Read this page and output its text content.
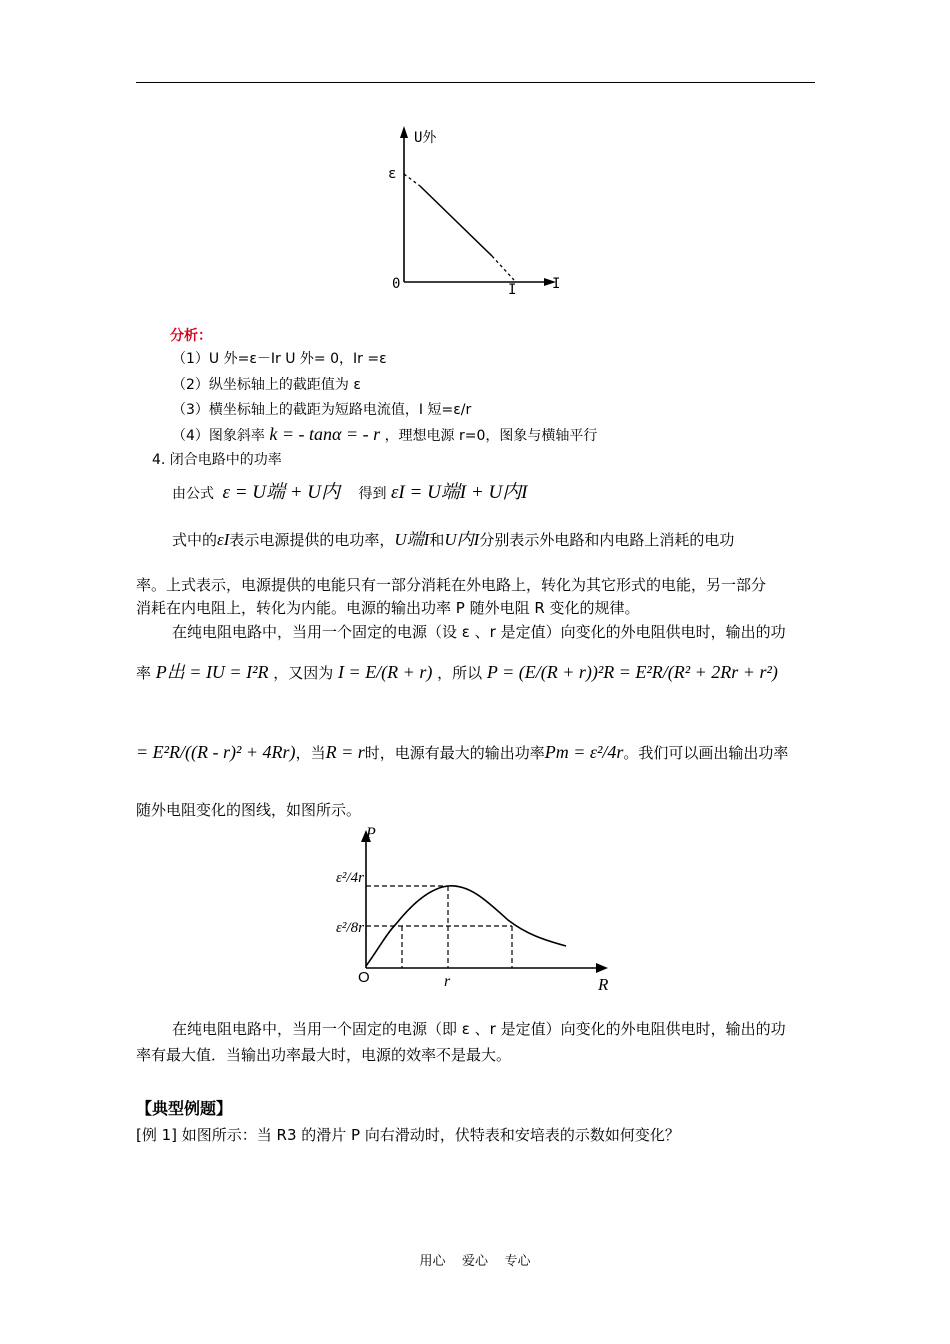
U外
ε
0	I	I
分析：
（1）U 外=ε－Ir U 外= 0，Ir =ε
（2）纵坐标轴上的截距值为 ε
（3）横坐标轴上的截距为短路电流值，I 短=ε/r
（4）图象斜率 k = - tanα = - r ，理想电源 r=0，图象与横轴平行
4. 闭合电路中的功率
由公式 ε = U端 + U内 得到 εI = U端I + U内I
式中的εI表示电源提供的电功率，U端I和U内I分别表示外电路和内电路上消耗的电功
率。上式表示，电源提供的电能只有一部分消耗在外电路上，转化为其它形式的电能，另一部分
消耗在内电阻上，转化为内能。电源的输出功率 P 随外电阻 R 变化的规律。
在纯电阻电路中，当用一个固定的电源（设 ε 、r 是定值）向变化的外电阻供电时，输出的功
率 P出 = IU = I²R ，又因为 I = E/(R + r) ，所以 P = (E/(R + r))²R = E²R/(R² + 2Rr + r²)
= E²R/((R - r)² + 4Rr)，当R = r时，电源有最大的输出功率Pm = ε²/4r。我们可以画出输出功率
随外电阻变化的图线，如图所示。
P
ε²/4r
ε²/8r
O	r	R
在纯电阻电路中，当用一个固定的电源（即 ε 、r 是定值）向变化的外电阻供电时，输出的功
率有最大值．当输出功率最大时，电源的效率不是最大。
【典型例题】
[例 1] 如图所示：当 R3 的滑片 P 向右滑动时，伏特表和安培表的示数如何变化？
用心    爱心    专心
